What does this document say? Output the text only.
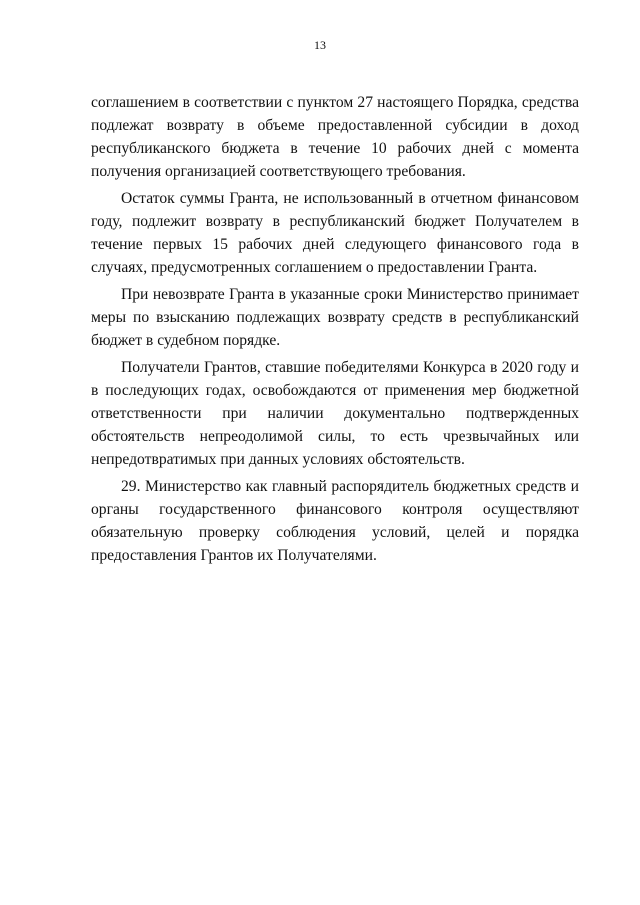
13

соглашением в соответствии с пунктом 27 настоящего Порядка, средства подлежат возврату в объеме предоставленной субсидии в доход республиканского бюджета в течение 10 рабочих дней с момента получения организацией соответствующего требования.

Остаток суммы Гранта, не использованный в отчетном финансовом году, подлежит возврату в республиканский бюджет Получателем в течение первых 15 рабочих дней следующего финансового года в случаях, предусмотренных соглашением о предоставлении Гранта.

При невозврате Гранта в указанные сроки Министерство принимает меры по взысканию подлежащих возврату средств в республиканский бюджет в судебном порядке.

Получатели Грантов, ставшие победителями Конкурса в 2020 году и в последующих годах, освобождаются от применения мер бюджетной ответственности при наличии документально подтвержденных обстоятельств непреодолимой силы, то есть чрезвычайных или непредотвратимых при данных условиях обстоятельств.

29. Министерство как главный распорядитель бюджетных средств и органы государственного финансового контроля осуществляют обязательную проверку соблюдения условий, целей и порядка предоставления Грантов их Получателями.
